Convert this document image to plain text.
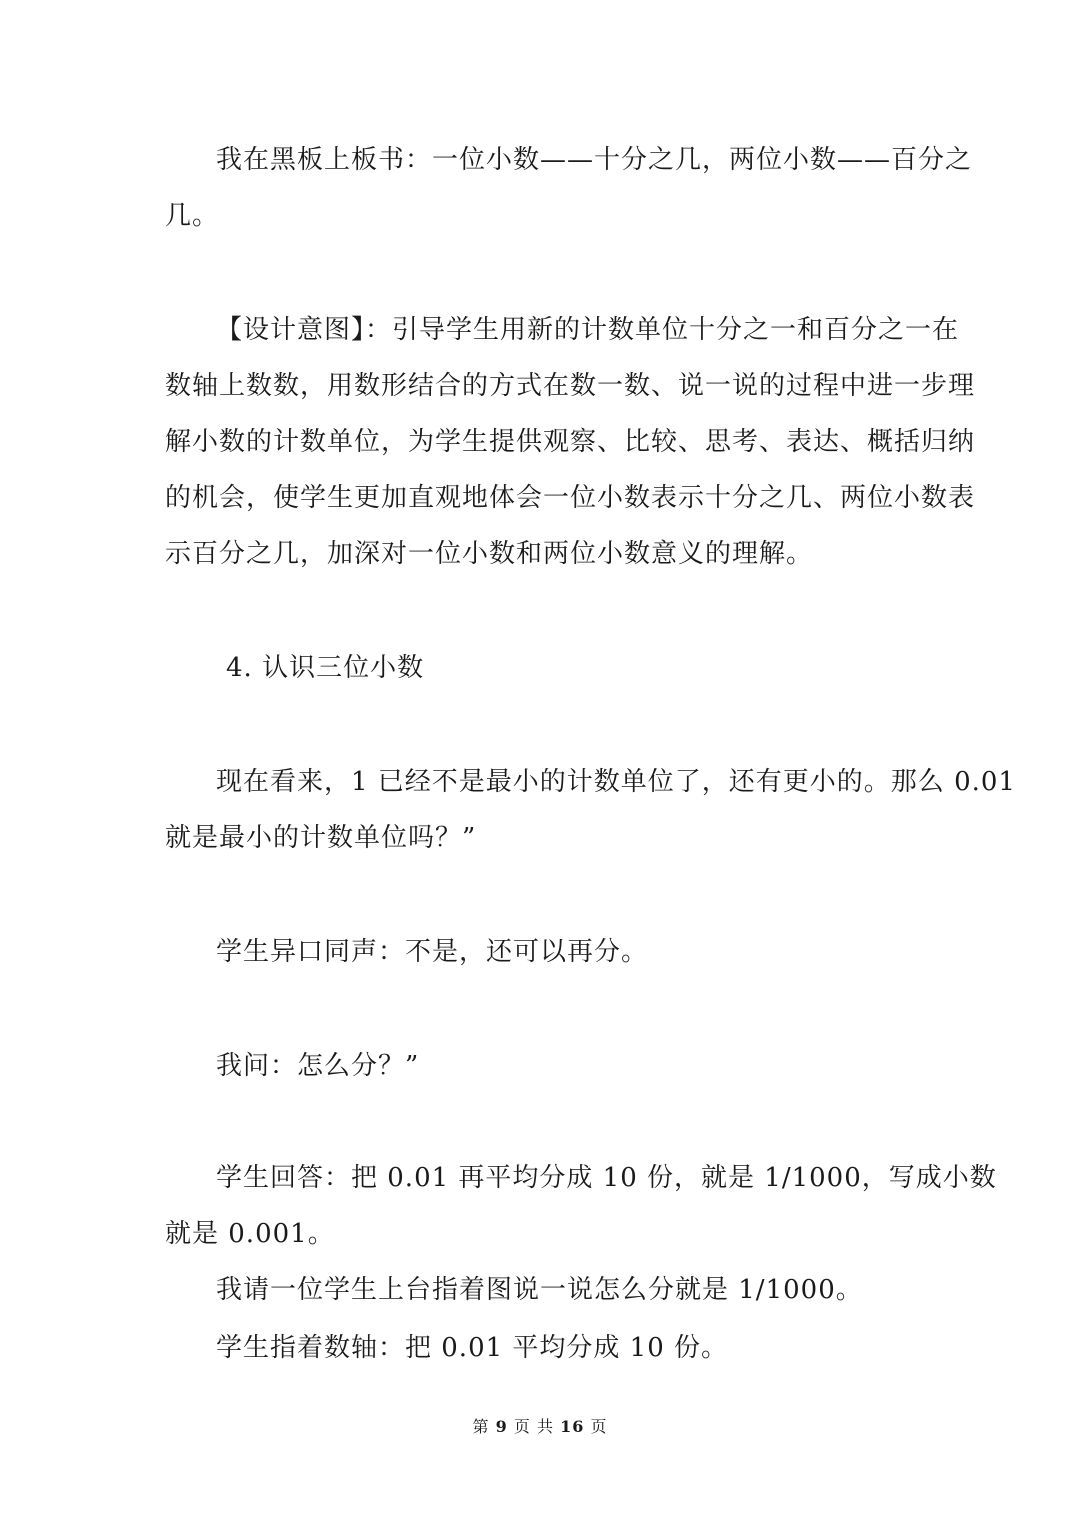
我在黑板上板书：一位小数——十分之几，两位小数——百分之
几。
【设计意图】：引导学生用新的计数单位十分之一和百分之一在
数轴上数数，用数形结合的方式在数一数、说一说的过程中进一步理
解小数的计数单位，为学生提供观察、比较、思考、表达、概括归纳
的机会，使学生更加直观地体会一位小数表示十分之几、两位小数表
示百分之几，加深对一位小数和两位小数意义的理解。
4. 认识三位小数
现在看来，1 已经不是最小的计数单位了，还有更小的。那么 0.01
就是最小的计数单位吗？”
学生异口同声：不是，还可以再分。
我问：怎么分？”
学生回答：把 0.01 再平均分成 10 份，就是 1/1000，写成小数
就是 0.001。
我请一位学生上台指着图说一说怎么分就是 1/1000。
学生指着数轴：把 0.01 平均分成 10 份。
第 9 页 共 16 页
